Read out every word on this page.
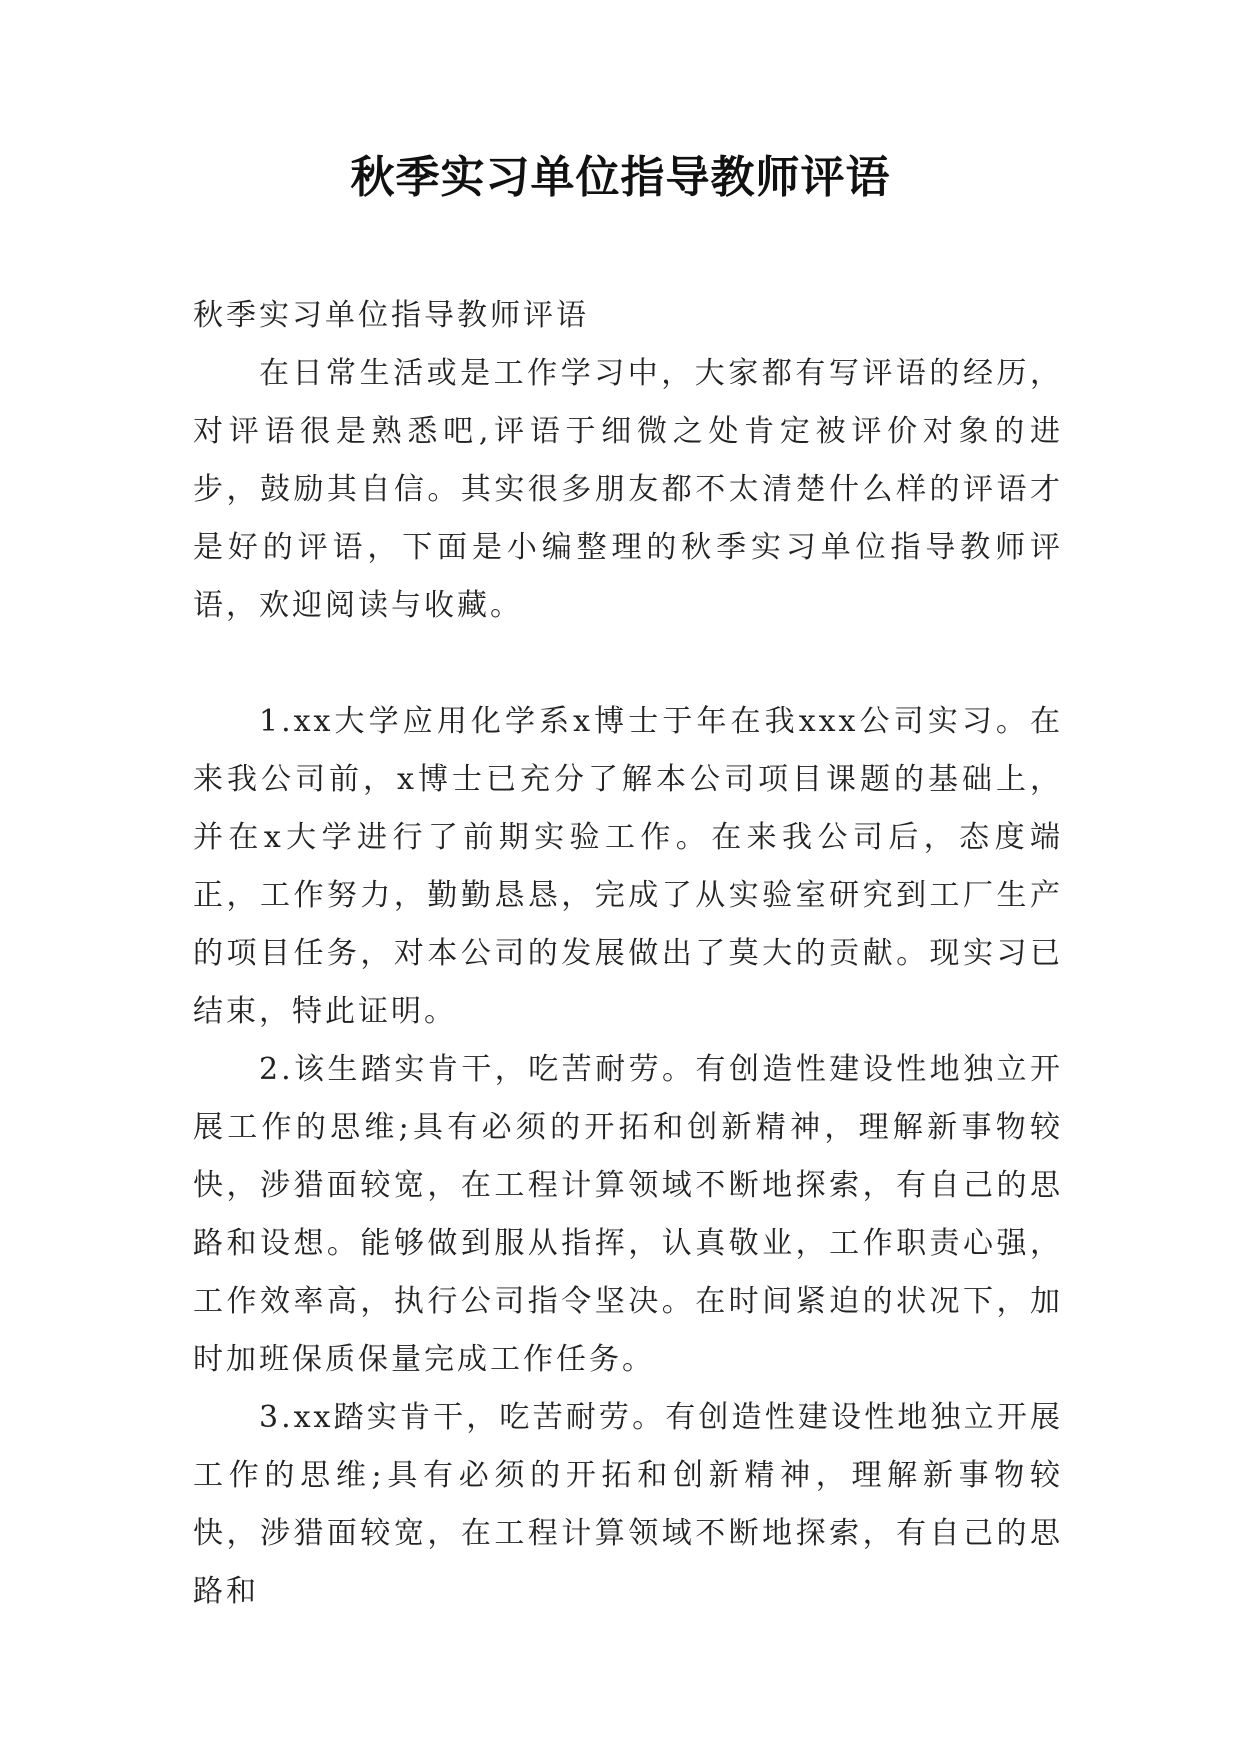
秋季实习单位指导教师评语

秋季实习单位指导教师评语

在日常生活或是工作学习中，大家都有写评语的经历，对评语很是熟悉吧,评语于细微之处肯定被评价对象的进步，鼓励其自信。其实很多朋友都不太清楚什么样的评语才是好的评语，下面是小编整理的秋季实习单位指导教师评语，欢迎阅读与收藏。

1.xx大学应用化学系x博士于年在我xxx公司实习。在来我公司前，x博士已充分了解本公司项目课题的基础上，并在x大学进行了前期实验工作。在来我公司后，态度端正，工作努力，勤勤恳恳，完成了从实验室研究到工厂生产的项目任务，对本公司的发展做出了莫大的贡献。现实习已结束，特此证明。

2.该生踏实肯干，吃苦耐劳。有创造性建设性地独立开展工作的思维;具有必须的开拓和创新精神，理解新事物较快，涉猎面较宽，在工程计算领域不断地探索，有自己的思路和设想。能够做到服从指挥，认真敬业，工作职责心强，工作效率高，执行公司指令坚决。在时间紧迫的状况下，加时加班保质保量完成工作任务。

3.xx踏实肯干，吃苦耐劳。有创造性建设性地独立开展工作的思维;具有必须的开拓和创新精神，理解新事物较快，涉猎面较宽，在工程计算领域不断地探索，有自己的思路和
